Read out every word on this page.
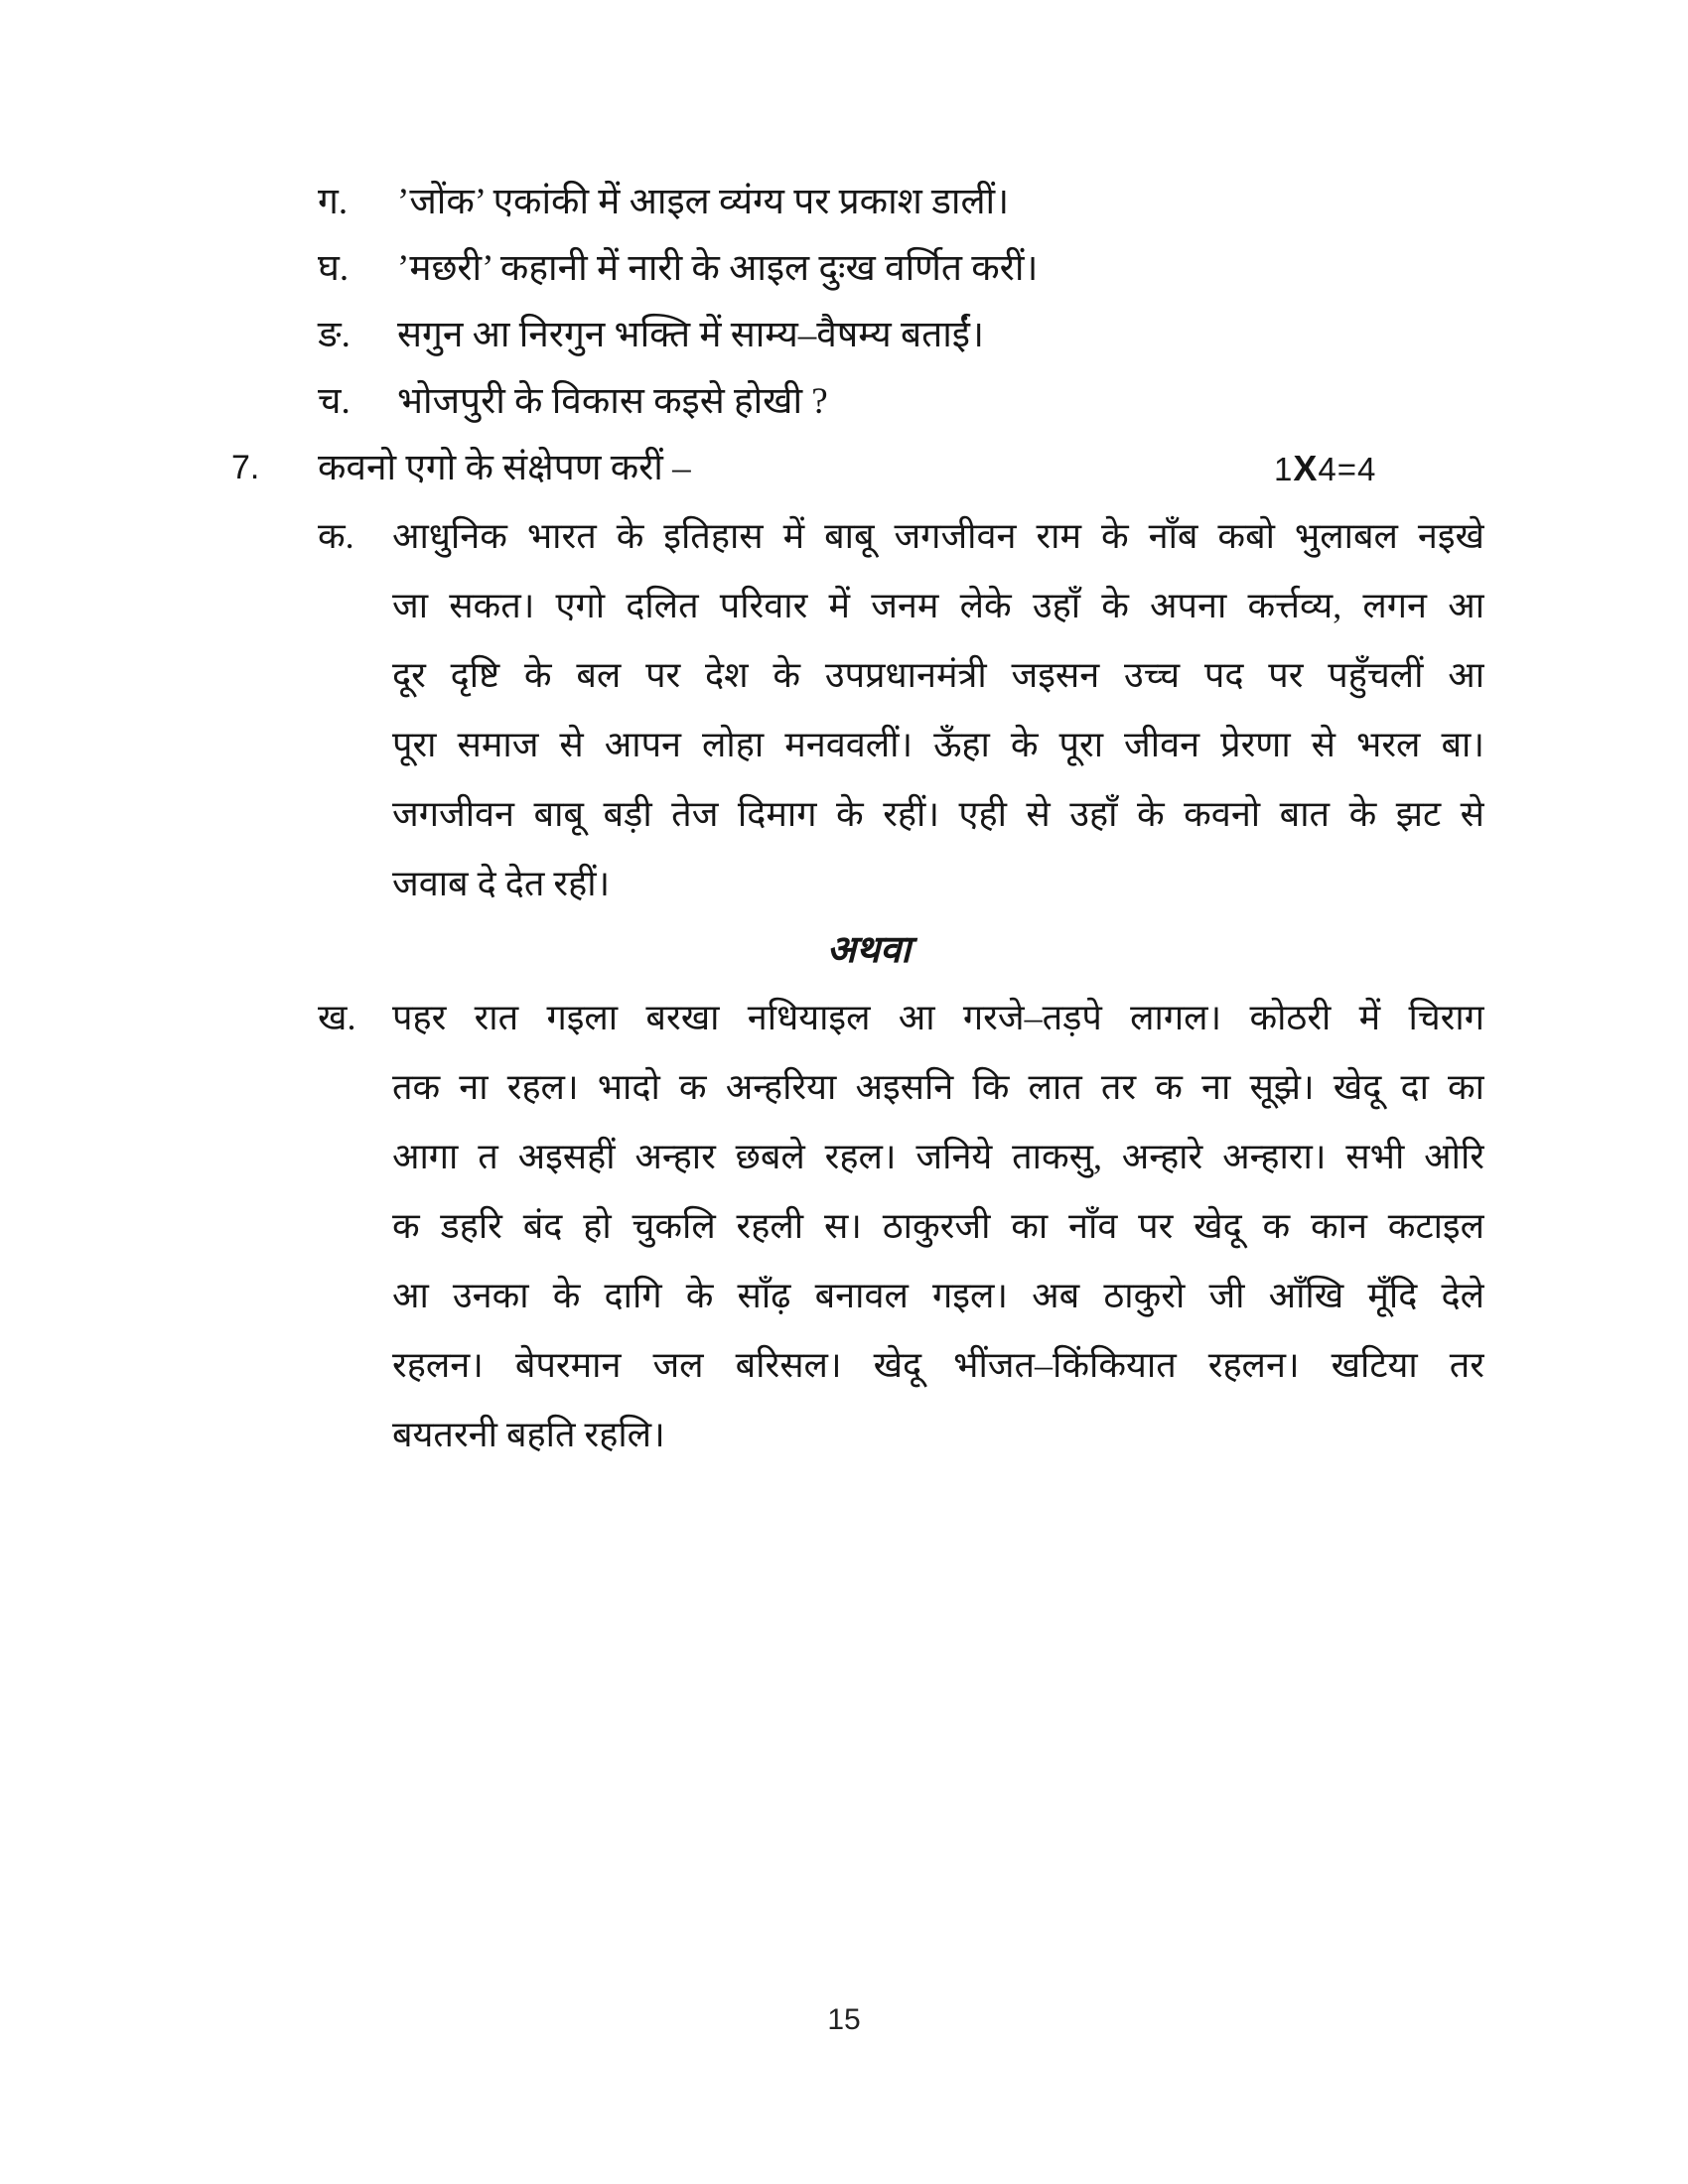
ग. ’जोंक’ एकांकी में आइल व्यंग्य पर प्रकाश डालीं।
घ. ’मछरी’ कहानी में नारी के आइल दुःख वर्णित करीं।
ङ. सगुन आ निरगुन भक्ति में साम्य–वैषम्य बताईं।
च. भोजपुरी के विकास कइसे होखी ?
7. कवनो एगो के संक्षेपण करीं –	1X4=4
क. आधुनिक भारत के इतिहास में बाबू जगजीवन राम के नाँब कबो भुलाबल नइखे
जा सकत। एगो दलित परिवार में जनम लेके उहाँ के अपना कर्त्तव्य, लगन आ
दूर दृष्टि के बल पर देश के उपप्रधानमंत्री जइसन उच्च पद पर पहुँचलीं आ
पूरा समाज से आपन लोहा मनववलीं। ऊँहा के पूरा जीवन प्रेरणा से भरल बा।
जगजीवन बाबू बड़ी तेज दिमाग के रहीं। एही से उहाँ के कवनो बात के झट से
जवाब दे देत रहीं।
अथवा
ख. पहर रात गइला बरखा नधियाइल आ गरजे–तड़पे लागल। कोठरी में चिराग
तक ना रहल। भादो क अन्हरिया अइसनि कि लात तर क ना सूझे। खेदू दा का
आगा त अइसहीं अन्हार छबले रहल। जनिये ताकसु, अन्हारे अन्हारा। सभी ओरि
क डहरि बंद हो चुकलि रहली स। ठाकुरजी का नाँव पर खेदू क कान कटाइल
आ उनका के दागि के साँढ़ बनावल गइल। अब ठाकुरो जी आँखि मूँदि देले
रहलन। बेपरमान जल बरिसल। खेदू भींजत–किंकियात रहलन। खटिया तर
बयतरनी बहति रहलि।
15
